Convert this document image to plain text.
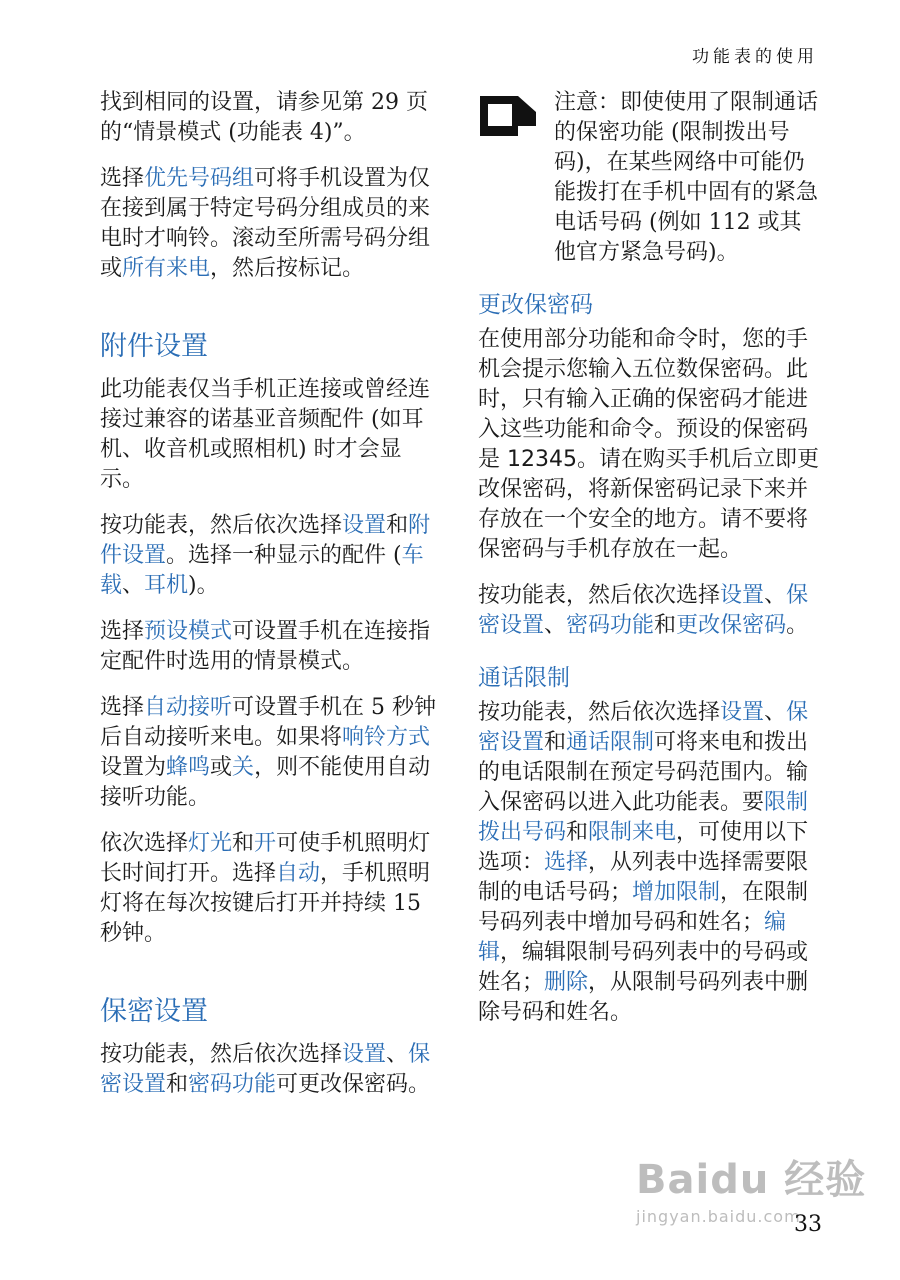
功能表的使用

找到相同的设置，请参见第 29 页的“情景模式 (功能表 4)”。

选择优先号码组可将手机设置为仅在接到属于特定号码分组成员的来电时才响铃。滚动至所需号码分组或所有来电，然后按标记。

附件设置

此功能表仅当手机正连接或曾经连接过兼容的诺基亚音频配件 (如耳机、收音机或照相机) 时才会显示。

按功能表，然后依次选择设置和附件设置。选择一种显示的配件 (车载、耳机)。

选择预设模式可设置手机在连接指定配件时选用的情景模式。

选择自动接听可设置手机在 5 秒钟后自动接听来电。如果将响铃方式设置为蜂鸣或关，则不能使用自动接听功能。

依次选择灯光和开可使手机照明灯长时间打开。选择自动，手机照明灯将在每次按键后打开并持续 15 秒钟。

保密设置

按功能表，然后依次选择设置、保密设置和密码功能可更改保密码。

注意：即使使用了限制通话的保密功能 (限制拨出号码)，在某些网络中可能仍能拨打在手机中固有的紧急电话号码 (例如 112 或其他官方紧急号码)。

更改保密码

在使用部分功能和命令时，您的手机会提示您输入五位数保密码。此时，只有输入正确的保密码才能进入这些功能和命令。预设的保密码是 12345。请在购买手机后立即更改保密码，将新保密码记录下来并存放在一个安全的地方。请不要将保密码与手机存放在一起。

按功能表，然后依次选择设置、保密设置、密码功能和更改保密码。

通话限制

按功能表，然后依次选择设置、保密设置和通话限制可将来电和拨出的电话限制在预定号码范围内。输入保密码以进入此功能表。要限制拨出号码和限制来电，可使用以下选项：选择，从列表中选择需要限制的电话号码；增加限制，在限制号码列表中增加号码和姓名；编辑，编辑限制号码列表中的号码或姓名；删除，从限制号码列表中删除号码和姓名。

Baidu 经验
jingyan.baidu.com
33
